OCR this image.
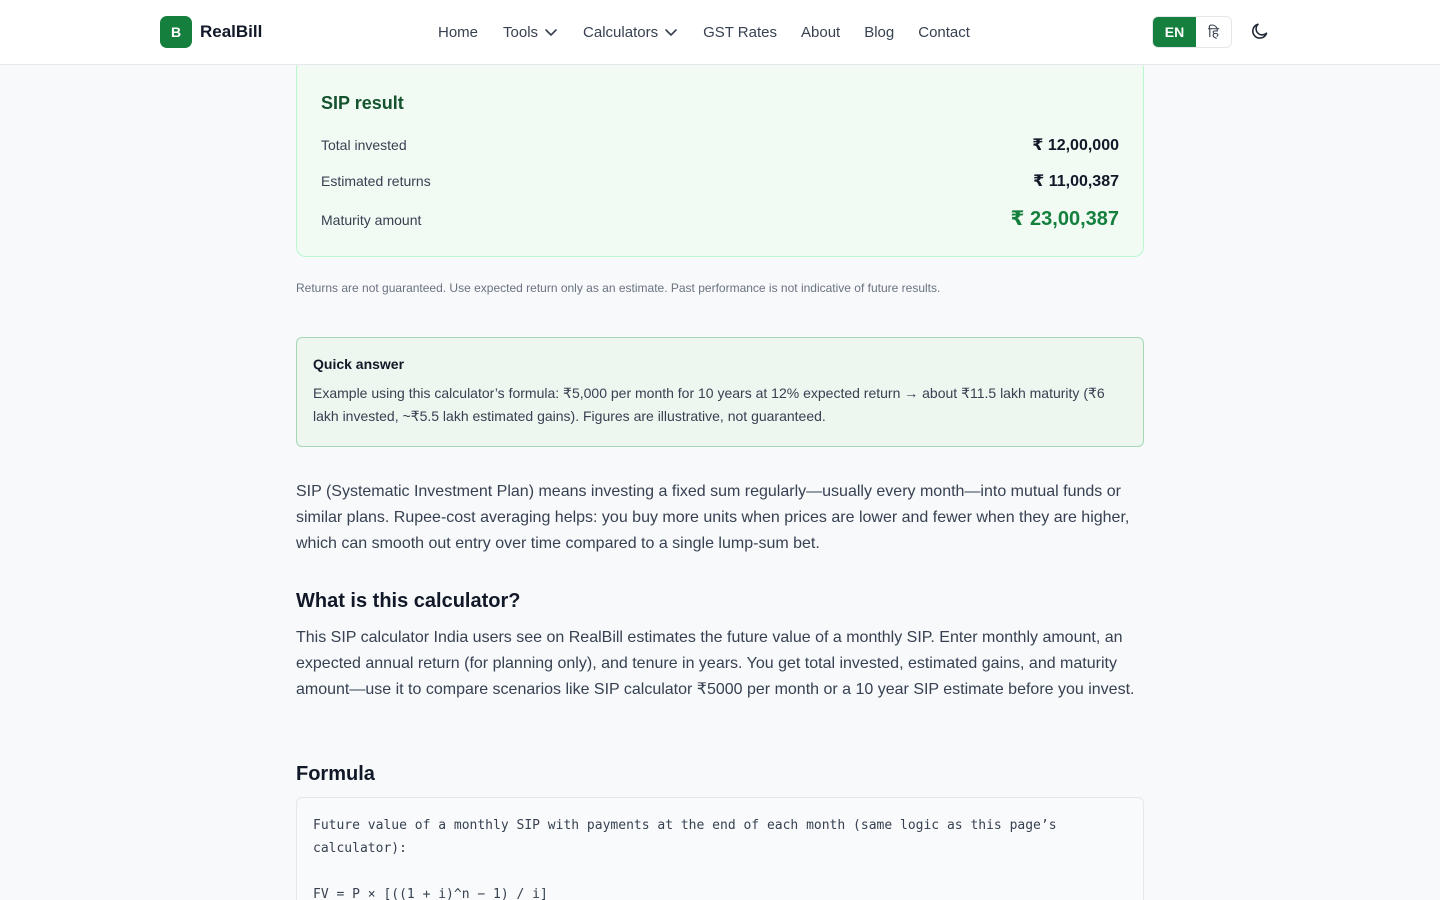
B	RealBill	Home Tools	Calculators	GST Rates About Blog Contact	EN	हि
SIP result
Total invested	₹ 12,00,000
Estimated returns	₹ 11,00,387
Maturity amount	₹ 23,00,387
Returns are not guaranteed. Use expected return only as an estimate. Past performance is not indicative of future results.
Quick answer
Example using this calculator’s formula: ₹5,000 per month for 10 years at 12% expected return → about ₹11.5 lakh maturity (₹6 lakh invested, ~₹5.5 lakh estimated gains). Figures are illustrative, not guaranteed.

SIP (Systematic Investment Plan) means investing a fixed sum regularly—usually every month—into mutual funds or similar plans. Rupee-cost averaging helps: you buy more units when prices are lower and fewer when they are higher, which can smooth out entry over time compared to a single lump-sum bet.

What is this calculator?

This SIP calculator India users see on RealBill estimates the future value of a monthly SIP. Enter monthly amount, an expected annual return (for planning only), and tenure in years. You get total invested, estimated gains, and maturity amount—use it to compare scenarios like SIP calculator ₹5000 per month or a 10 year SIP estimate before you invest.

Formula
Future value of a monthly SIP with payments at the end of each month (same logic as this page’s calculator):
FV = P × [((1 + i)^n − 1) / i]
